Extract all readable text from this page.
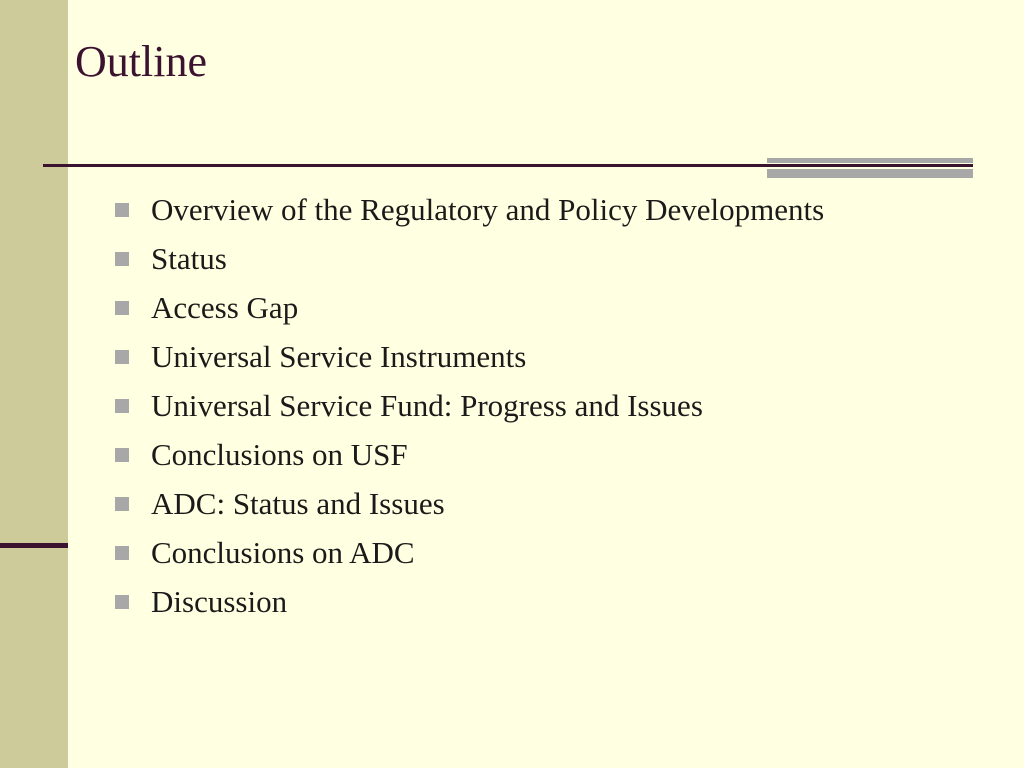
Outline
Overview of the Regulatory and Policy Developments
Status
Access Gap
Universal Service Instruments
Universal Service Fund: Progress and Issues
Conclusions on USF
ADC: Status and Issues
Conclusions on ADC
Discussion
